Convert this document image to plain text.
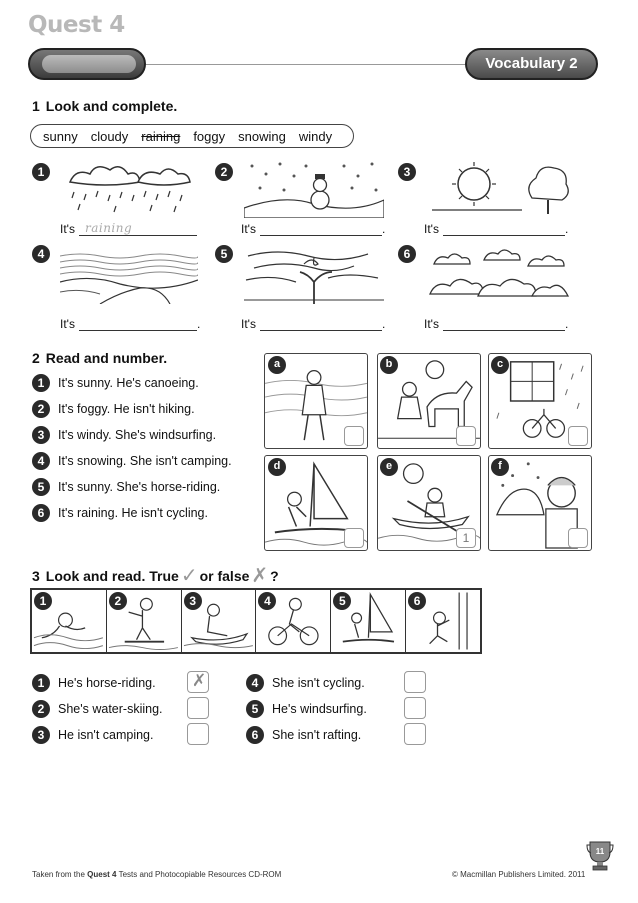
Quest 4
Vocabulary 2
1 Look and complete.
sunny cloudy raining foggy snowing windy
1	2	3
It's raining	It's	.	It's	.
4	5	6
It's	.	It's	.	It's	.
2 Read and number.
1	It's sunny. He's canoeing.
2	It's foggy. He isn't hiking.
3	It's windy. She's windsurfing.
4	It's snowing. She isn't camping.
5	It's sunny. She's horse-riding.
6	It's raining. He isn't cycling.
a	b	c
d	e
1
f
3 Look and read. True ✓ or false ✗ ?
1	2	3	4	5	6
1	He's horse-riding. ✗
2	She's water-skiing.
3	He isn't camping.
4	She isn't cycling.
5	He's windsurfing.
6	She isn't rafting.
Taken from the Quest 4 Tests and Photocopiable Resources CD-ROM	© Macmillan Publishers Limited. 2011
11
